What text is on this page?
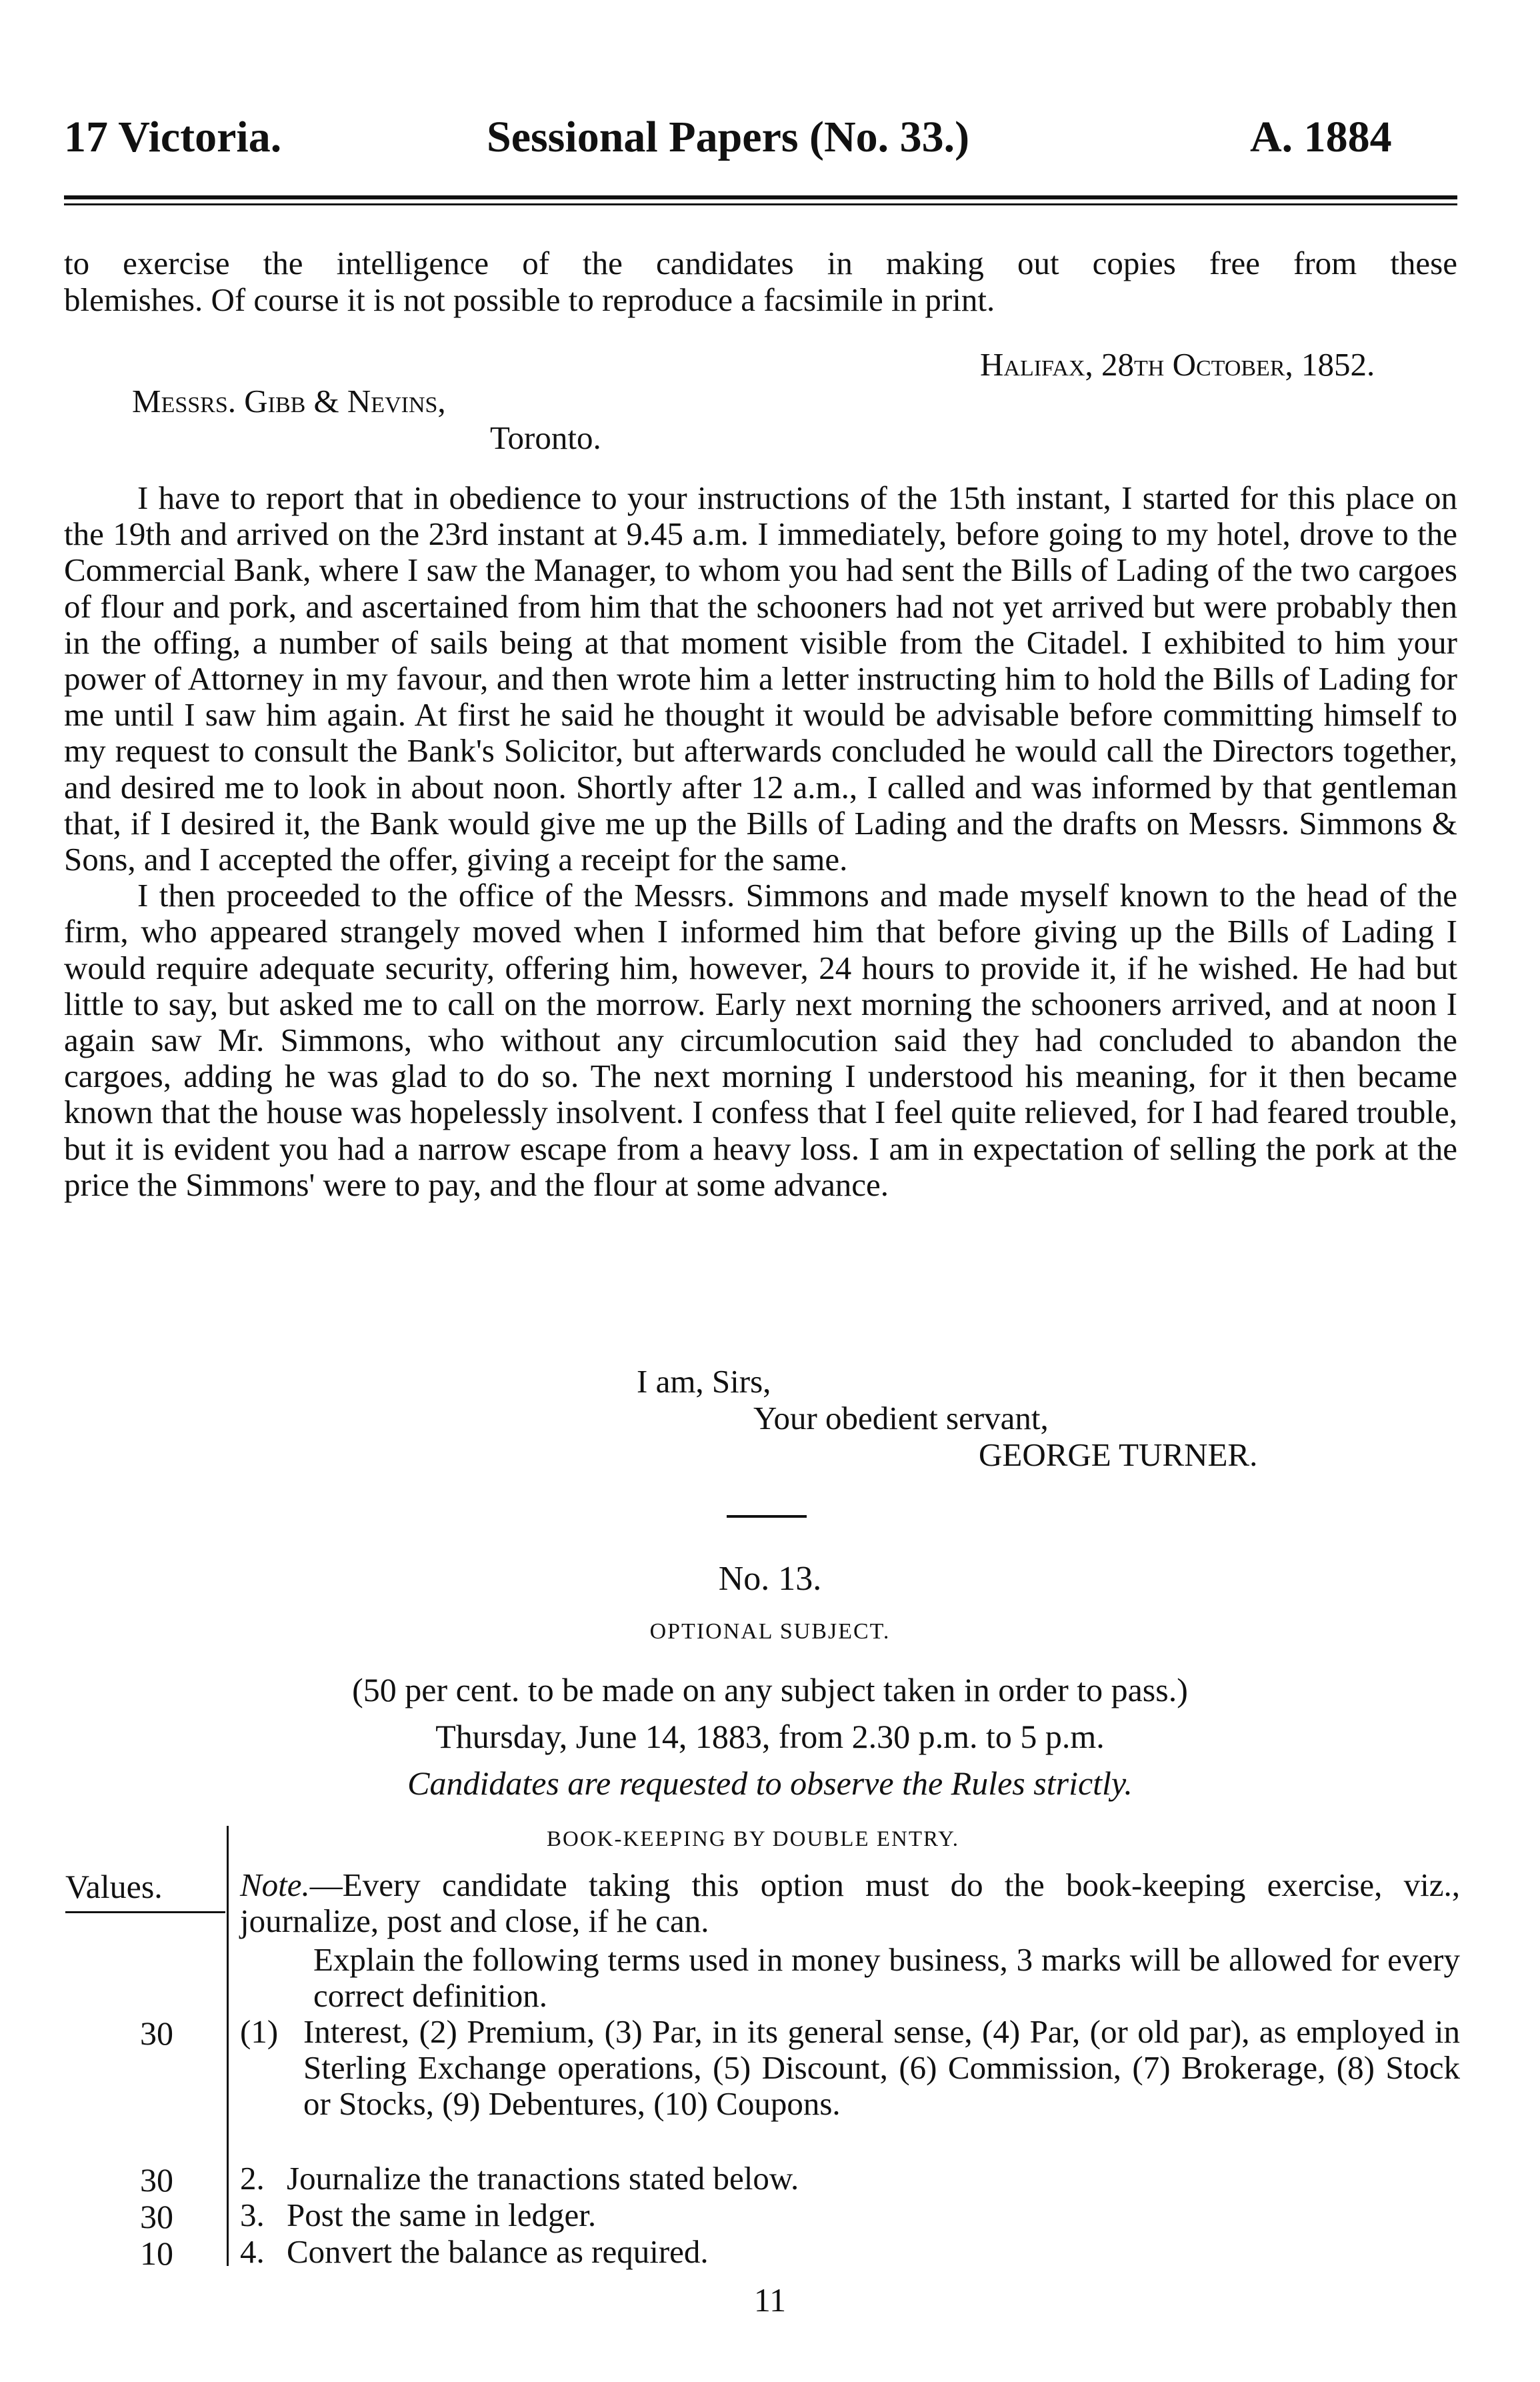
17 Victoria.	Sessional Papers (No. 33.)	A. 1884
to exercise the intelligence of the candidates in making out copies free from these
blemishes. Of course it is not possible to reproduce a facsimile in print.
Halifax, 28th October, 1852.
Messrs. Gibb & Nevins,
Toronto.

I have to report that in obedience to your instructions of the 15th instant, I started for this place on the 19th and arrived on the 23rd instant at 9.45 a.m. I immediately, before going to my hotel, drove to the Commercial Bank, where I saw the Manager, to whom you had sent the Bills of Lading of the two cargoes of flour and pork, and ascertained from him that the schooners had not yet arrived but were probably then in the offing, a number of sails being at that moment visible from the Citadel. I exhibited to him your power of Attorney in my favour, and then wrote him a letter instructing him to hold the Bills of Lading for me until I saw him again. At first he said he thought it would be advisable before committing himself to my request to consult the Bank's Solicitor, but afterwards concluded he would call the Directors together, and desired me to look in about noon. Shortly after 12 a.m., I called and was informed by that gentleman that, if I desired it, the Bank would give me up the Bills of Lading and the drafts on Messrs. Simmons & Sons, and I accepted the offer, giving a receipt for the same.

I then proceeded to the office of the Messrs. Simmons and made myself known to the head of the firm, who appeared strangely moved when I informed him that before giving up the Bills of Lading I would require adequate security, offering him, however, 24 hours to provide it, if he wished. He had but little to say, but asked me to call on the morrow. Early next morning the schooners arrived, and at noon I again saw Mr. Simmons, who without any circumlocution said they had concluded to abandon the cargoes, adding he was glad to do so. The next morning I understood his meaning, for it then became known that the house was hopelessly insolvent. I confess that I feel quite relieved, for I had feared trouble, but it is evident you had a narrow escape from a heavy loss. I am in expectation of selling the pork at the price the Simmons' were to pay, and the flour at some advance.

I am, Sirs,
Your obedient servant,
GEORGE TURNER.
No. 13.
OPTIONAL SUBJECT.
(50 per cent. to be made on any subject taken in order to pass.)
Thursday, June 14, 1883, from 2.30 p.m. to 5 p.m.
Candidates are requested to observe the Rules strictly.
BOOK-KEEPING BY DOUBLE ENTRY.
Values. Note.—Every candidate taking this option must do the book-keeping exercise, viz., journalize, post and close, if he can.
Explain the following terms used in money business, 3 marks will be allowed for every correct definition.
30	(1) Interest, (2) Premium, (3) Par, in its general sense, (4) Par, (or old par), as employed in Sterling Exchange operations, (5) Discount, (6) Commission, (7) Brokerage, (8) Stock or Stocks, (9) Debentures, (10) Coupons.
30	2. Journalize the tranactions stated below.
30	3. Post the same in ledger.
10	4. Convert the balance as required.
11
